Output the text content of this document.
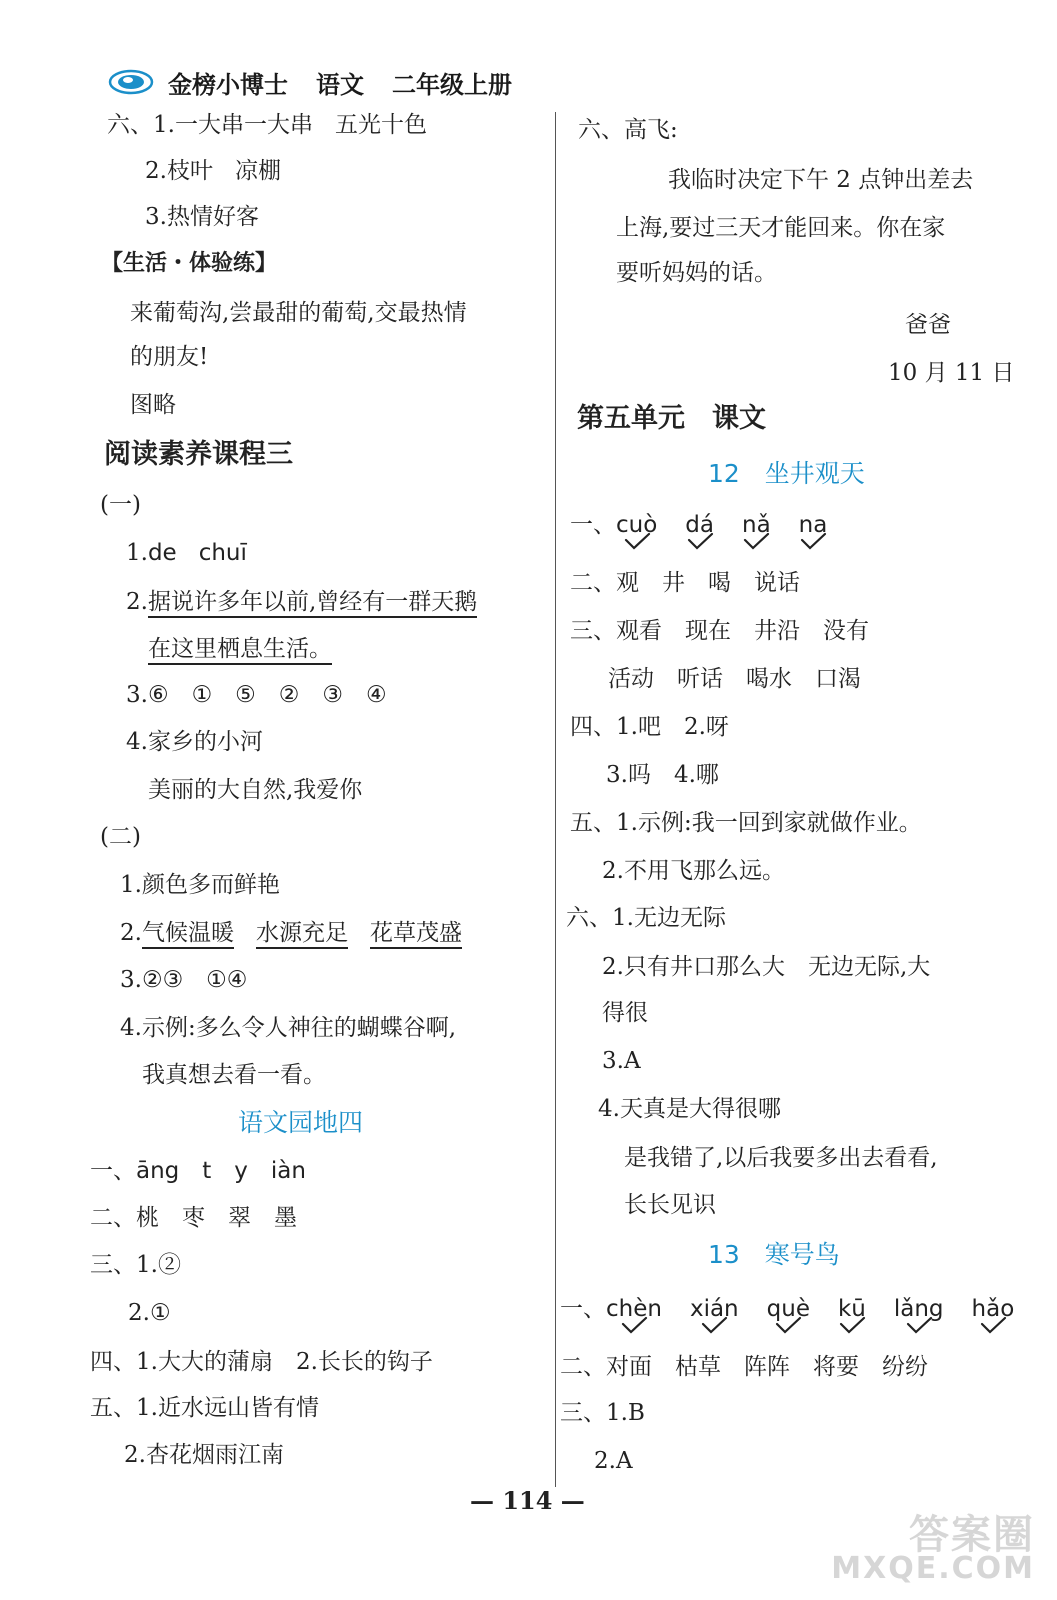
金榜小博士 语文 二年级上册
六、1.一大串一大串 五光十色
2.枝叶 凉棚
3.热情好客
【生活・体验练】
来葡萄沟,尝最甜的葡萄,交最热情
的朋友!
图略
阅读素养课程三
(一)
1.de chuī
2.据说许多年以前,曾经有一群天鹅
在这里栖息生活。
3.⑥　①　⑤　②　③　④
4.家乡的小河
美丽的大自然,我爱你
(二)
1.颜色多而鲜艳
2.气候温暖 水源充足 花草茂盛
3.②③　①④
4.示例:多么令人神往的蝴蝶谷啊,
我真想去看一看。
语文园地四
一、āng　t　y　iàn
二、桃　枣　翠　墨
三、1.②
2.①
四、1.大大的蒲扇　2.长长的钩子
五、1.近水远山皆有情
2.杏花烟雨江南
六、高飞:
我临时决定下午 2 点钟出差去
上海,要过三天才能回来。你在家
要听妈妈的话。
爸爸
10 月 11 日
第五单元　课文
12　坐井观天
一、cuò dá nǎ na
二、观　井　喝　说话
三、观看　现在　井沿　没有
活动　听话　喝水　口渴
四、1.吧　2.呀
3.吗　4.哪
五、1.示例:我一回到家就做作业。
2.不用飞那么远。
六、1.无边无际
2.只有井口那么大　无边无际,大
得很
3.A
4.天真是大得很哪
是我错了,以后我要多出去看看,
长长见识
13　寒号鸟
一、chèn xián què kū lǎng hǎo
二、对面　枯草　阵阵　将要　纷纷
三、1.B
2.A
— 114 —
答案圈
MXQE.COM
